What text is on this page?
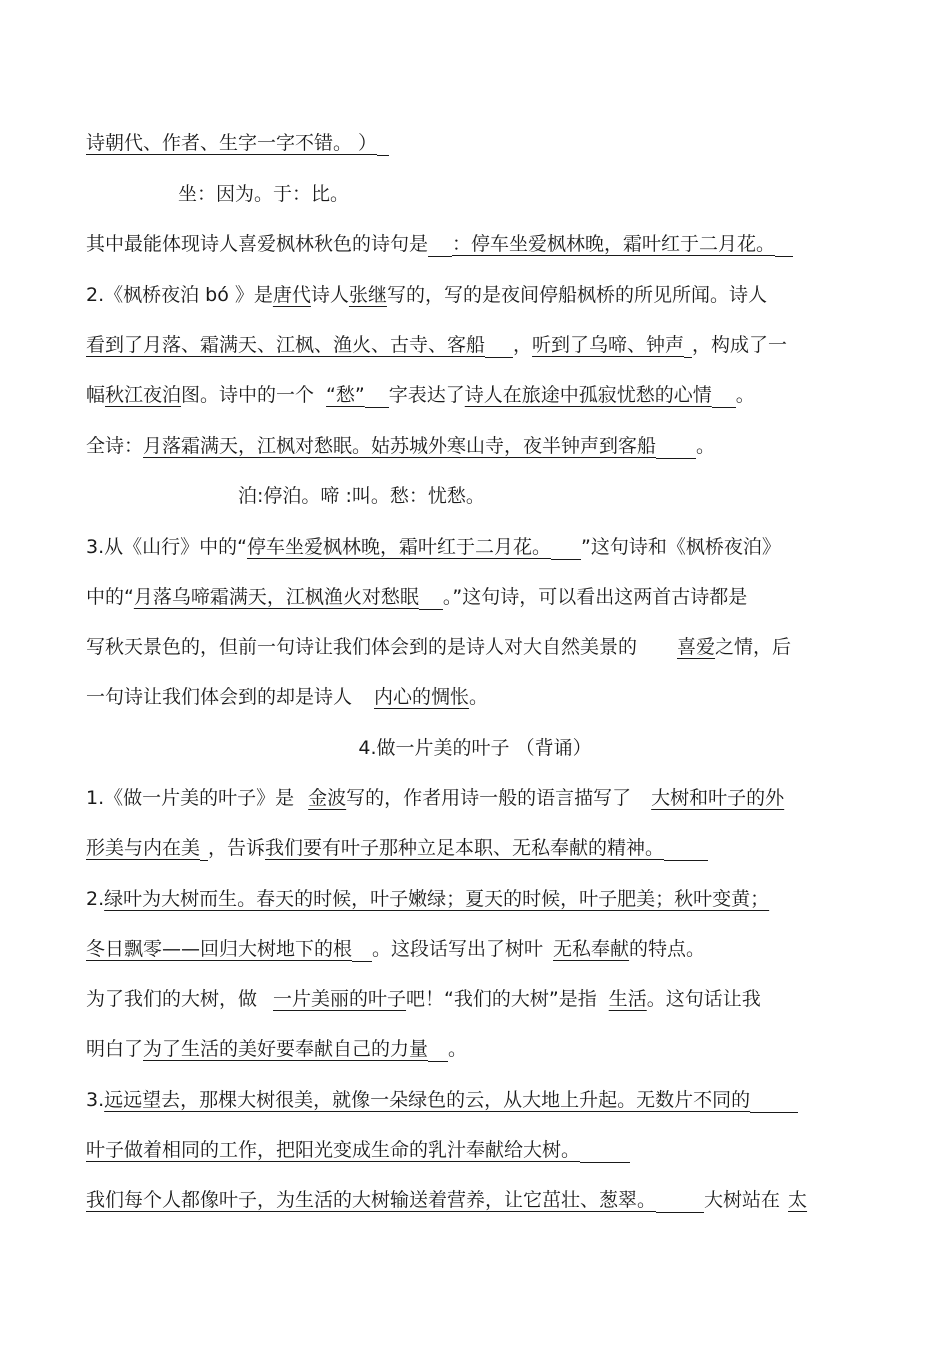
诗朝代、作者、生字一字不错。 ）
坐：因为。于：比。
其中最能体现诗人喜爱枫林秋色的诗句是 ：停车坐爱枫林晚，霜叶红于二月花。
2.《枫桥夜泊 bó 》是唐代诗人张继写的，写的是夜间停船枫桥的所见所闻。诗人
看到了月落、霜满天、江枫、渔火、古寺、客船 ，听到了乌啼、钟声 ，构成了一
幅秋江夜泊图。诗中的一个 “愁” 字表达了诗人在旅途中孤寂忧愁的心情 。
全诗：月落霜满天，江枫对愁眠。姑苏城外寒山寺，夜半钟声到客船 。
泊:停泊。啼 :叫。愁：忧愁。
3.从《山行》中的“停车坐爱枫林晚，霜叶红于二月花。 ”这句诗和《枫桥夜泊》
中的“月落乌啼霜满天，江枫渔火对愁眠 。”这句诗，可以看出这两首古诗都是
写秋天景色的，但前一句诗让我们体会到的是诗人对大自然美景的 喜爱之情，后
一句诗让我们体会到的却是诗人 内心的惆怅。
4.做一片美的叶子 （背诵）
1.《做一片美的叶子》是 金波写的，作者用诗一般的语言描写了 大树和叶子的外
形美与内在美 ，告诉我们要有叶子那种立足本职、无私奉献的精神。
2.绿叶为大树而生。春天的时候，叶子嫩绿；夏天的时候，叶子肥美；秋叶变黄；
冬日飘零——回归大树地下的根 。这段话写出了树叶 无私奉献的特点。
为了我们的大树，做 一片美丽的叶子吧！“我们的大树”是指 生活。这句话让我
明白了为了生活的美好要奉献自己的力量 。
3.远远望去，那棵大树很美，就像一朵绿色的云，从大地上升起。无数片不同的
叶子做着相同的工作，把阳光变成生命的乳汁奉献给大树。
我们每个人都像叶子，为生活的大树输送着营养，让它茁壮、葱翠。	大树站在 太
